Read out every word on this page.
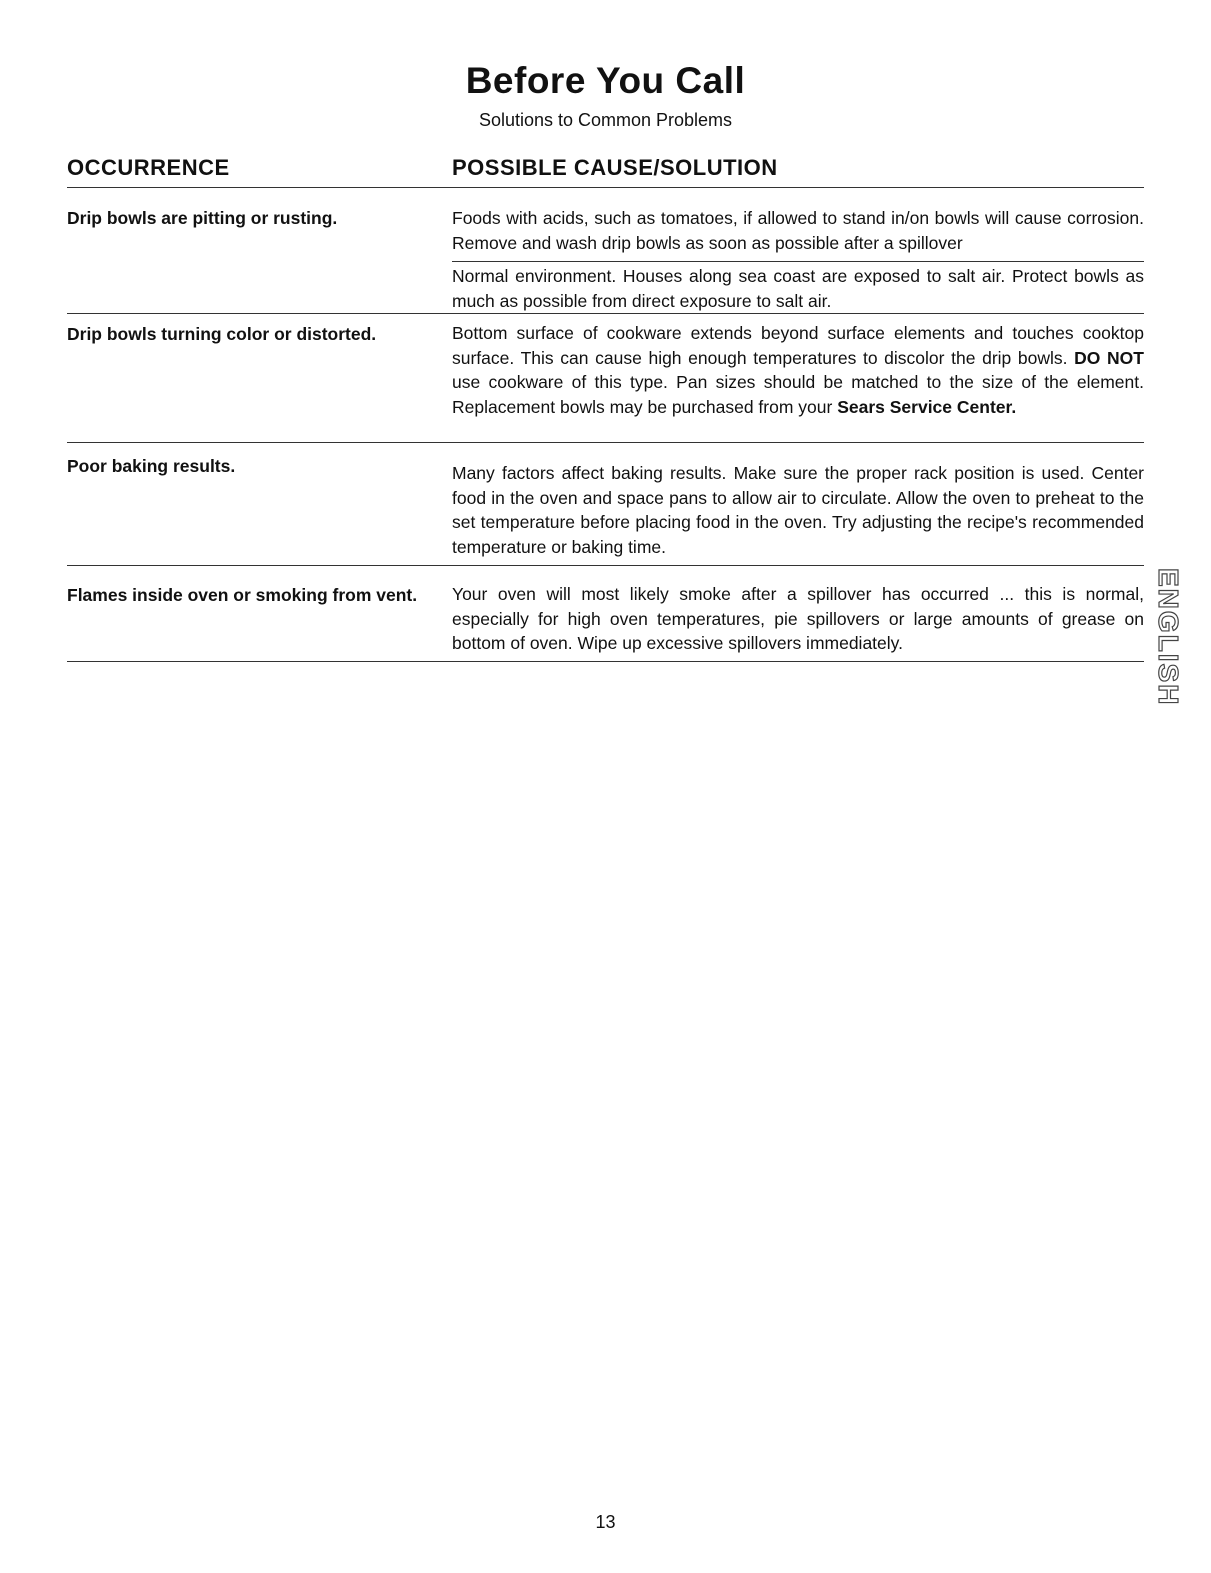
Before You Call

Solutions to Common Problems

OCCURRENCE	POSSIBLE CAUSE/SOLUTION
Drip bowls are pitting or rusting.	Foods with acids, such as tomatoes, if allowed to stand in/on bowls will cause corrosion. Remove and wash drip bowls as soon as possible after a spillover

Normal environment. Houses along sea coast are exposed to salt air. Protect bowls as much as possible from direct exposure to salt air.

Drip bowls turning color or distorted.	Bottom surface of cookware extends beyond surface elements and touches cooktop surface. This can cause high enough temperatures to discolor the drip bowls. DO NOT use cookware of this type. Pan sizes should be matched to the size of the element. Replacement bowls may be purchased from your Sears Service Center.

Poor baking results.	Many factors affect baking results. Make sure the proper rack position is used. Center food in the oven and space pans to allow air to circulate. Allow the oven to preheat to the set temperature before placing food in the oven. Try adjusting the recipe's recommended temperature or baking time.

Flames inside oven or smoking from vent.	Your oven will most likely smoke after a spillover has occurred ... this is normal, especially for high oven temperatures, pie spillovers or large amounts of grease on bottom of oven. Wipe up excessive spillovers immediately.	ENGLISH
13
